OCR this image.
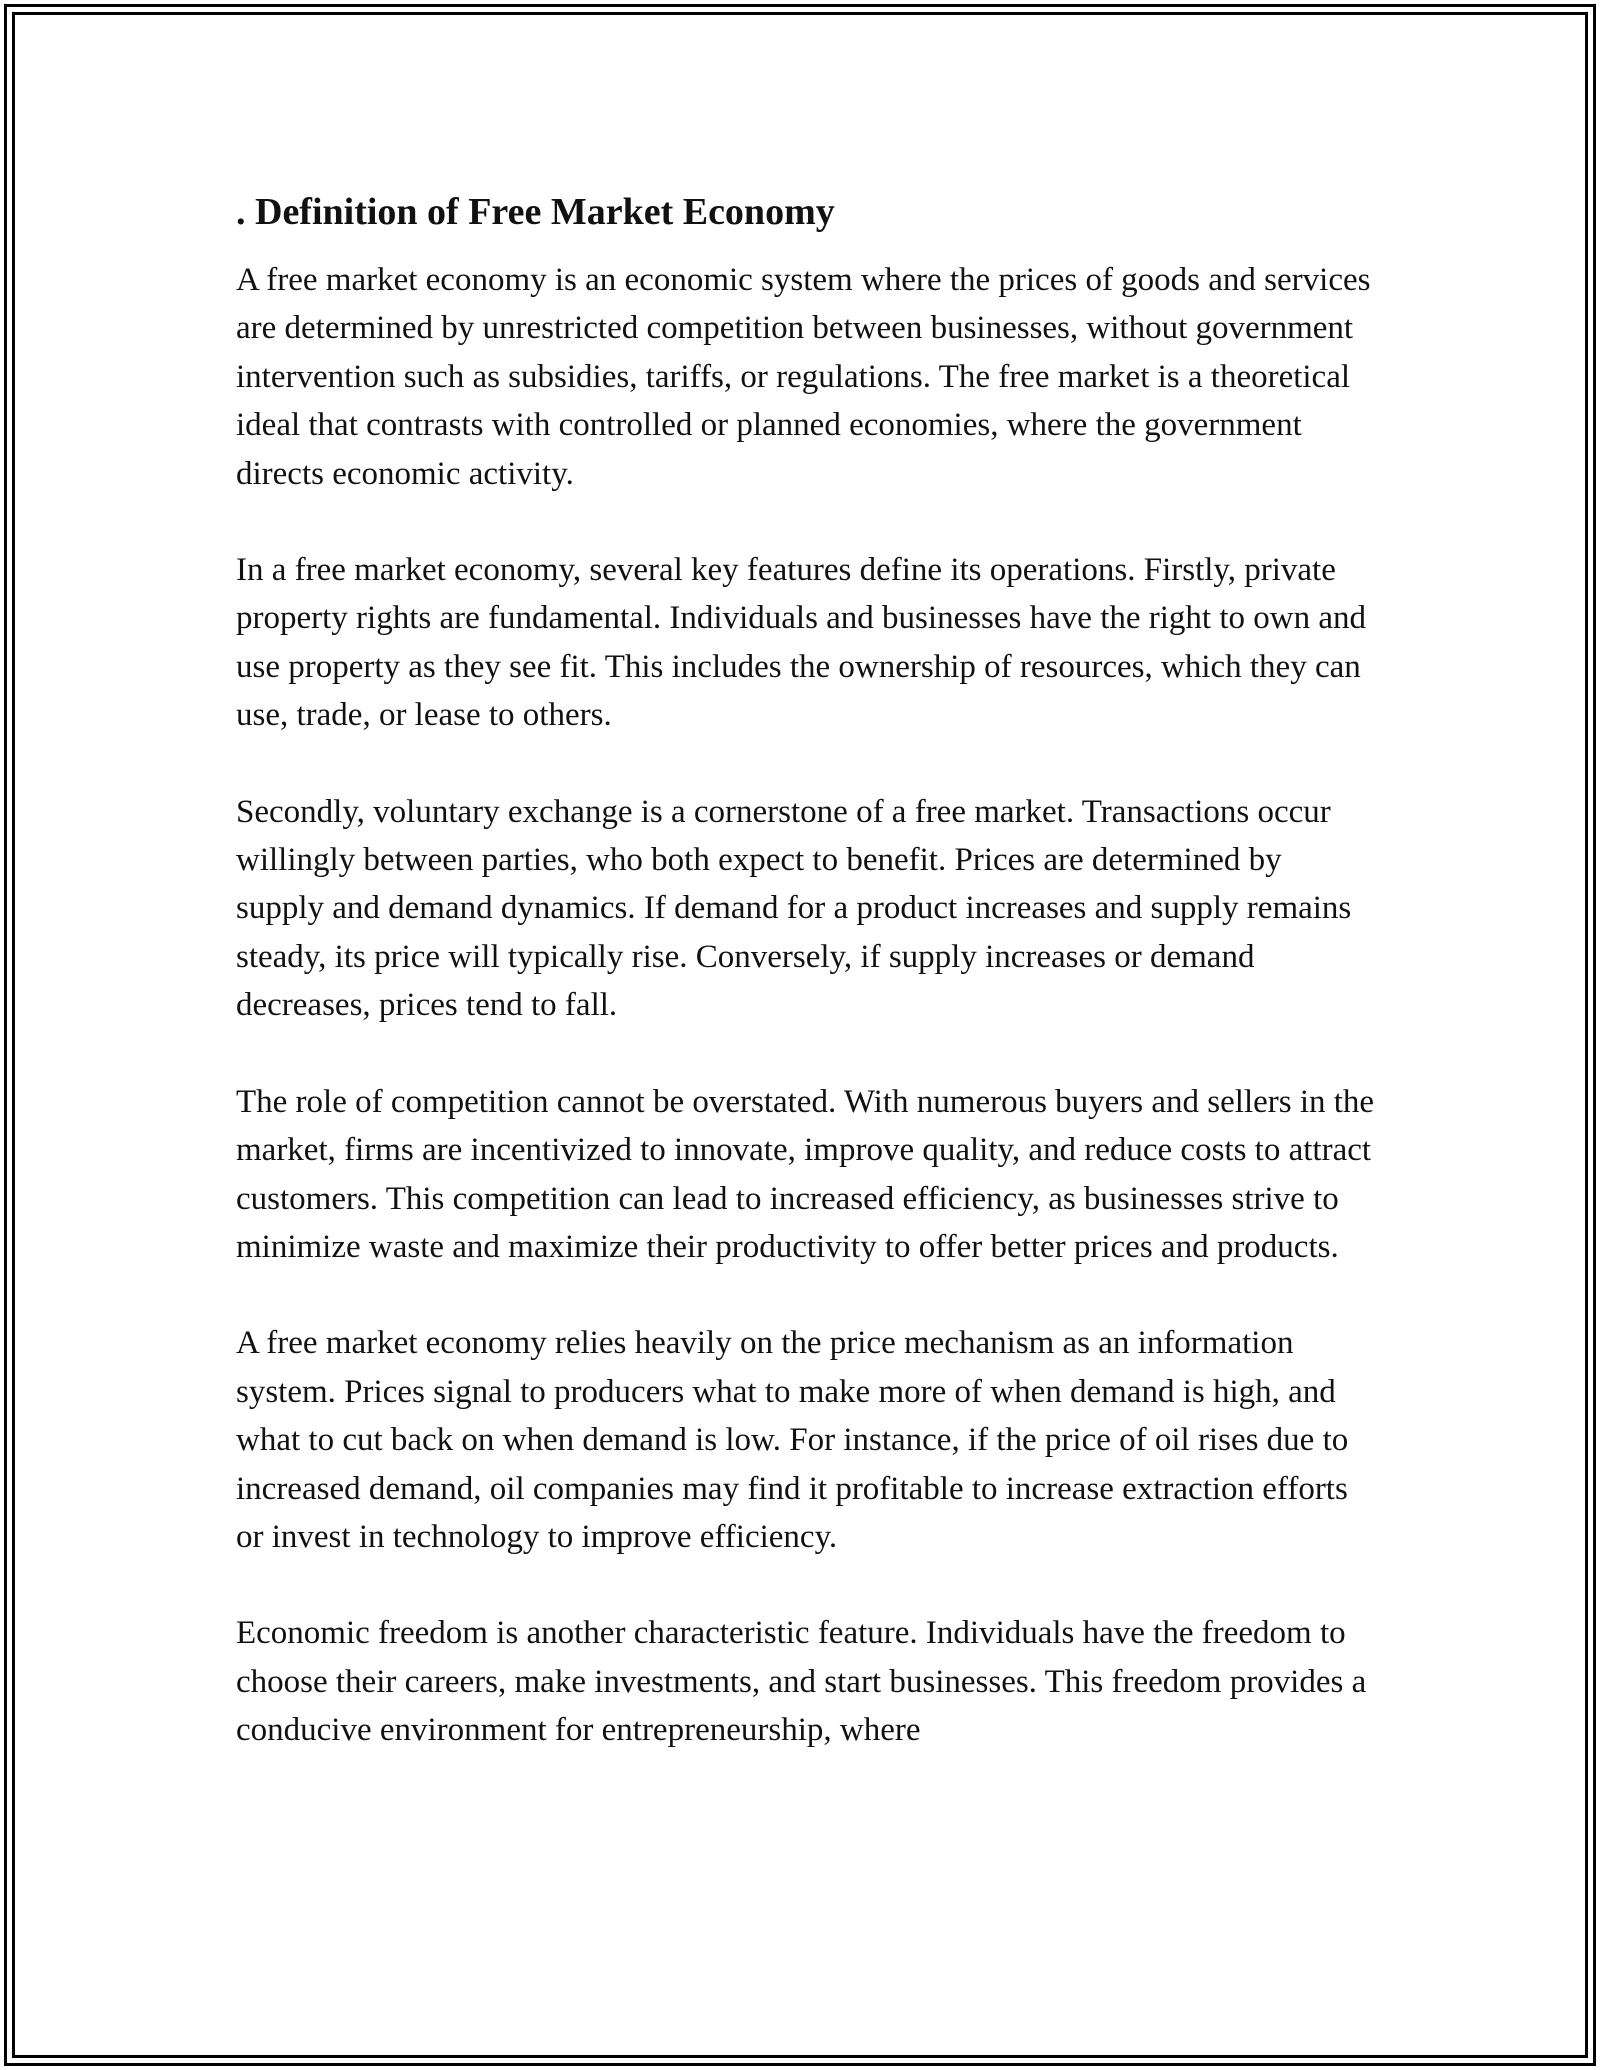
. Definition of Free Market Economy

A free market economy is an economic system where the prices of goods and services are determined by unrestricted competition between businesses, without government intervention such as subsidies, tariffs, or regulations. The free market is a theoretical ideal that contrasts with controlled or planned economies, where the government directs economic activity.

In a free market economy, several key features define its operations. Firstly, private property rights are fundamental. Individuals and businesses have the right to own and use property as they see fit. This includes the ownership of resources, which they can use, trade, or lease to others.

Secondly, voluntary exchange is a cornerstone of a free market. Transactions occur willingly between parties, who both expect to benefit. Prices are determined by supply and demand dynamics. If demand for a product increases and supply remains steady, its price will typically rise. Conversely, if supply increases or demand decreases, prices tend to fall.

The role of competition cannot be overstated. With numerous buyers and sellers in the market, firms are incentivized to innovate, improve quality, and reduce costs to attract customers. This competition can lead to increased efficiency, as businesses strive to minimize waste and maximize their productivity to offer better prices and products.

A free market economy relies heavily on the price mechanism as an information system. Prices signal to producers what to make more of when demand is high, and what to cut back on when demand is low. For instance, if the price of oil rises due to increased demand, oil companies may find it profitable to increase extraction efforts or invest in technology to improve efficiency.

Economic freedom is another characteristic feature. Individuals have the freedom to choose their careers, make investments, and start businesses. This freedom provides a conducive environment for entrepreneurship, where
